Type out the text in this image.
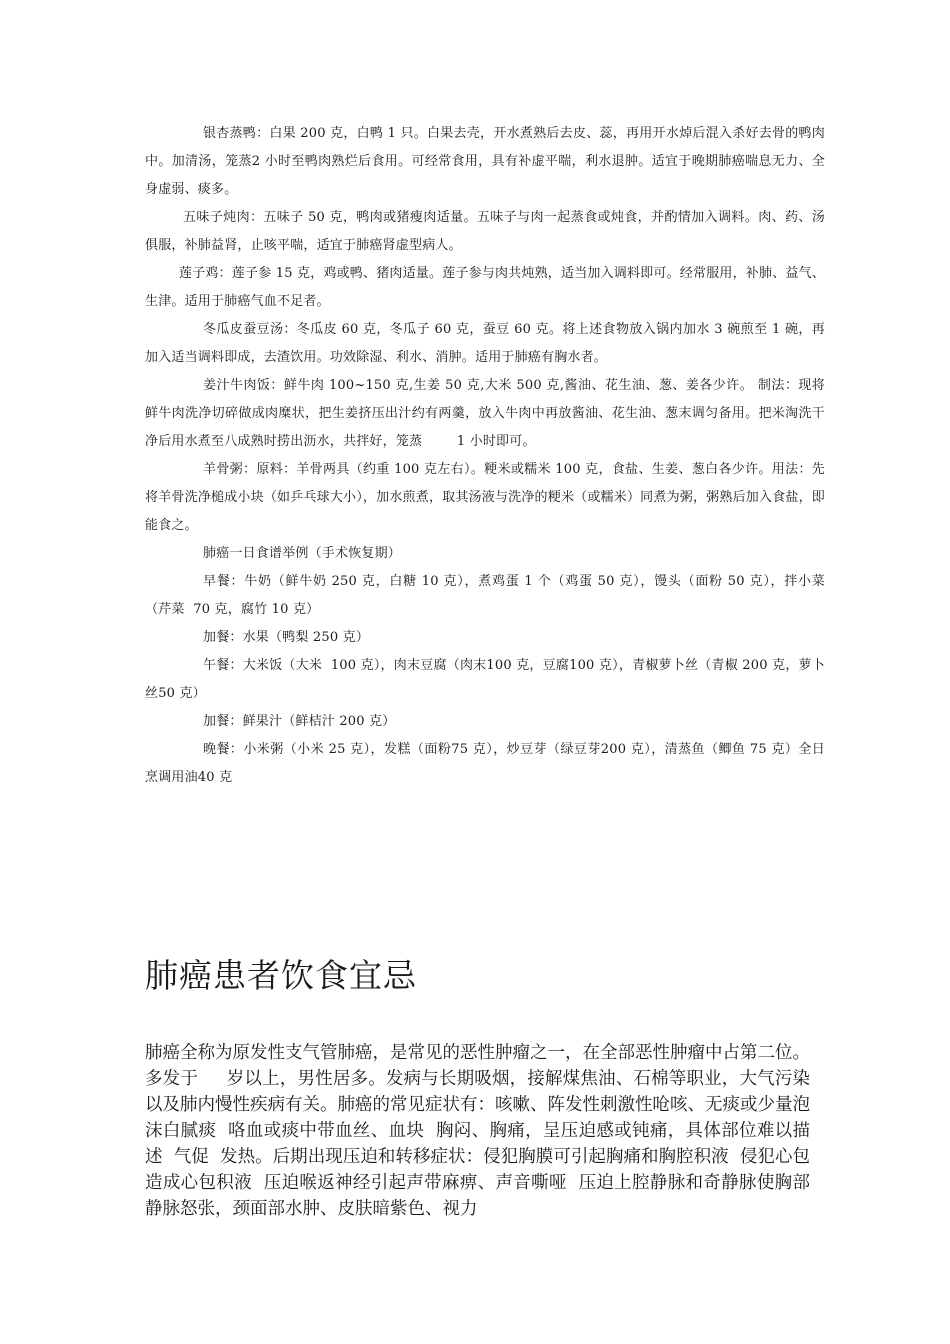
银杏蒸鸭：白果 200 克，白鸭 1 只。白果去壳，开水煮熟后去皮、蕊，再用开水焯后混入杀好去骨的鸭肉中。加清汤，笼蒸2 小时至鸭肉熟烂后食用。可经常食用，具有补虚平喘，利水退肿。适宜于晚期肺癌喘息无力、全身虚弱、痰多。

五味子炖肉：五味子 50 克，鸭肉或猪瘦肉适量。五味子与肉一起蒸食或炖食，并酌情加入调料。肉、药、汤俱服，补肺益肾，止咳平喘，适宜于肺癌肾虚型病人。

莲子鸡：莲子参 15 克，鸡或鸭、猪肉适量。莲子参与肉共炖熟，适当加入调料即可。经常服用，补肺、益气、生津。适用于肺癌气血不足者。

冬瓜皮蚕豆汤：冬瓜皮 60 克，冬瓜子 60 克，蚕豆 60 克。将上述食物放入锅内加水 3 碗煎至 1 碗，再加入适当调料即成，去渣饮用。功效除湿、利水、消肿。适用于肺癌有胸水者。

姜汁牛肉饭：鲜牛肉 100~150 克,生姜 50 克,大米 500 克,酱油、花生油、葱、姜各少许。 制法：现将鲜牛肉洗净切碎做成肉糜状，把生姜挤压出汁约有两羹，放入牛肉中再放酱油、花生油、葱末调匀备用。把米淘洗干净后用水煮至八成熟时捞出沥水，共拌好，笼蒸        1 小时即可。

羊骨粥：原料：羊骨两具（约重 100 克左右）。粳米或糯米 100 克，食盐、生姜、葱白各少许。用法：先将羊骨洗净槌成小块（如乒乓球大小），加水煎煮，取其汤液与洗净的粳米（或糯米）同煮为粥，粥熟后加入食盐，即能食之。

肺癌一日食谱举例（手术恢复期）

早餐：牛奶（鲜牛奶 250 克，白糖 10 克），煮鸡蛋 1 个（鸡蛋 50 克），馒头（面粉 50 克），拌小菜（芹菜  70 克，腐竹 10 克）

加餐：水果（鸭梨 250 克）

午餐：大米饭（大米  100 克），肉末豆腐（肉末100 克，豆腐100 克），青椒萝卜丝（青椒 200 克，萝卜丝50 克）

加餐：鲜果汁（鲜桔汁 200 克）

晚餐：小米粥（小米 25 克），发糕（面粉75 克），炒豆芽（绿豆芽200 克），清蒸鱼（鲫鱼 75 克）全日烹调用油40 克

肺癌患者饮食宜忌

肺癌全称为原发性支气管肺癌，是常见的恶性肿瘤之一，在全部恶性肿瘤中占第二位。多发于     岁以上，男性居多。发病与长期吸烟，接解煤焦油、石棉等职业，大气污染以及肺内慢性疾病有关。肺癌的常见症状有：咳嗽、阵发性刺激性呛咳、无痰或少量泡沫白腻痰  咯血或痰中带血丝、血块  胸闷、胸痛，呈压迫感或钝痛，具体部位难以描述  气促  发热。后期出现压迫和转移症状：侵犯胸膜可引起胸痛和胸腔积液  侵犯心包造成心包积液  压迫喉返神经引起声带麻痹、声音嘶哑  压迫上腔静脉和奇静脉使胸部静脉怒张，颈面部水肿、皮肤暗紫色、视力
